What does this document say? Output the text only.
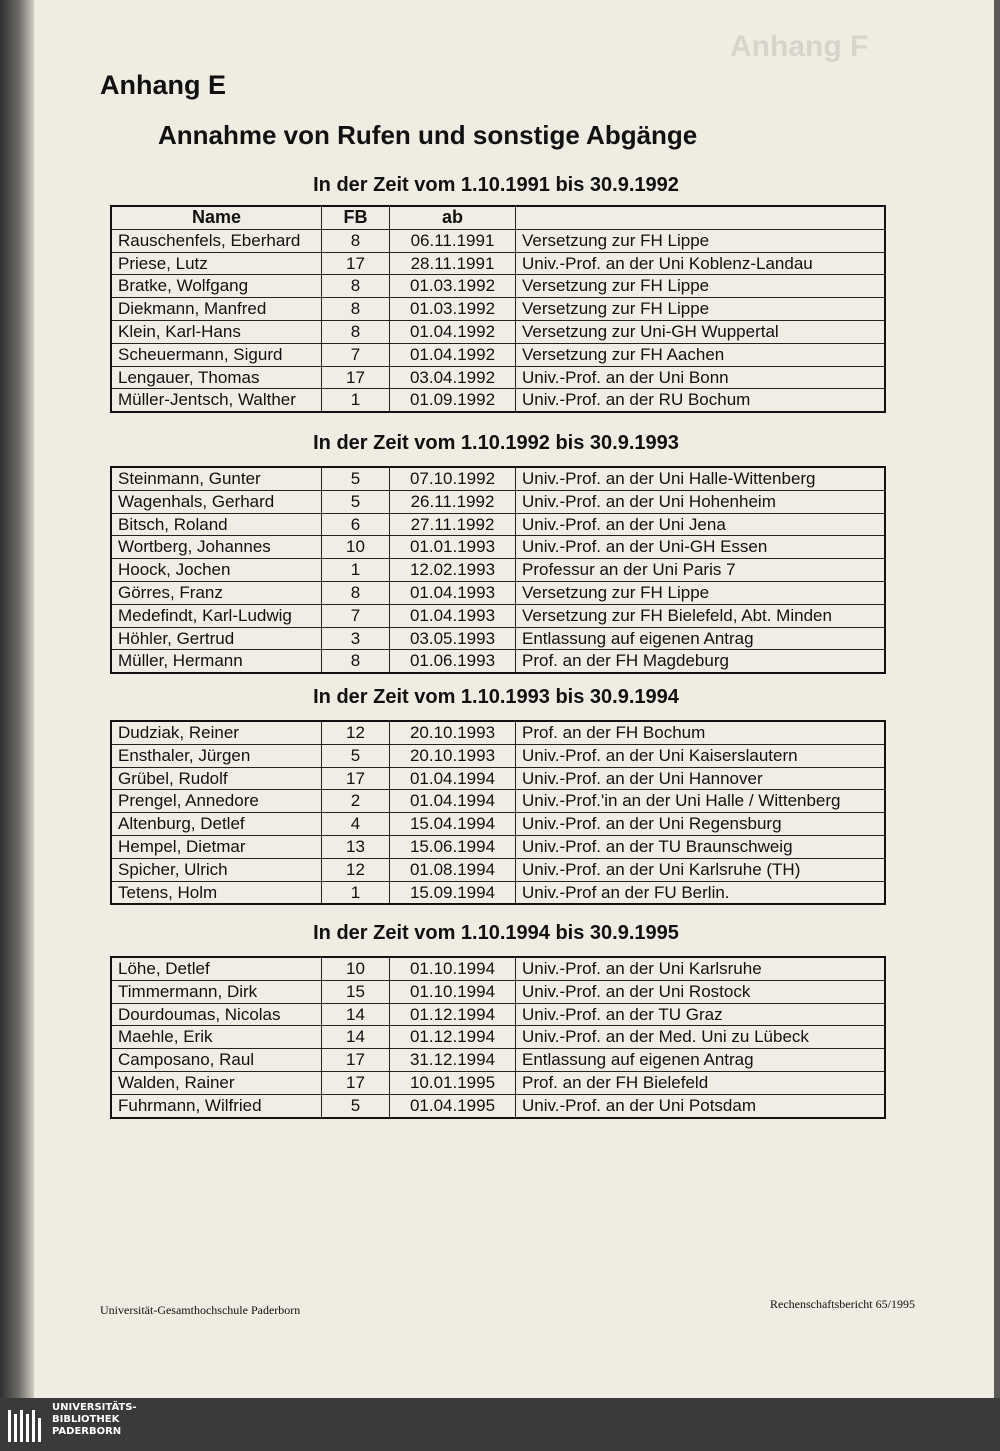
Anhang F
Anhang E
Annahme von Rufen und sonstige Abgänge

In der Zeit vom 1.10.1991 bis 30.9.1992

Name	FB	ab
Rauschenfels, Eberhard	8	06.11.1991	Versetzung zur FH Lippe
Priese, Lutz	17	28.11.1991	Univ.-Prof. an der Uni Koblenz-Landau
Bratke, Wolfgang	8	01.03.1992	Versetzung zur FH Lippe
Diekmann, Manfred	8	01.03.1992	Versetzung zur FH Lippe
Klein, Karl-Hans	8	01.04.1992	Versetzung zur Uni-GH Wuppertal
Scheuermann, Sigurd	7	01.04.1992	Versetzung zur FH Aachen
Lengauer, Thomas	17	03.04.1992	Univ.-Prof. an der Uni Bonn
Müller-Jentsch, Walther	1	01.09.1992	Univ.-Prof. an der RU Bochum

In der Zeit vom 1.10.1992 bis 30.9.1993

Steinmann, Gunter	5	07.10.1992	Univ.-Prof. an der Uni Halle-Wittenberg
Wagenhals, Gerhard	5	26.11.1992	Univ.-Prof. an der Uni Hohenheim
Bitsch, Roland	6	27.11.1992	Univ.-Prof. an der Uni Jena
Wortberg, Johannes	10	01.01.1993	Univ.-Prof. an der Uni-GH Essen
Hoock, Jochen	1	12.02.1993	Professur an der Uni Paris 7
Görres, Franz	8	01.04.1993	Versetzung zur FH Lippe
Medefindt, Karl-Ludwig	7	01.04.1993	Versetzung zur FH Bielefeld, Abt. Minden
Höhler, Gertrud	3	03.05.1993	Entlassung auf eigenen Antrag
Müller, Hermann	8	01.06.1993	Prof. an der FH Magdeburg

In der Zeit vom 1.10.1993 bis 30.9.1994

Dudziak, Reiner	12	20.10.1993	Prof. an der FH Bochum
Ensthaler, Jürgen	5	20.10.1993	Univ.-Prof. an der Uni Kaiserslautern
Grübel, Rudolf	17	01.04.1994	Univ.-Prof. an der Uni Hannover
Prengel, Annedore	2	01.04.1994	Univ.-Prof.'in an der Uni Halle / Wittenberg
Altenburg, Detlef	4	15.04.1994	Univ.-Prof. an der Uni Regensburg
Hempel, Dietmar	13	15.06.1994	Univ.-Prof. an der TU Braunschweig
Spicher, Ulrich	12	01.08.1994	Univ.-Prof. an der Uni Karlsruhe (TH)
Tetens, Holm	1	15.09.1994	Univ.-Prof an der FU Berlin.

In der Zeit vom 1.10.1994 bis 30.9.1995

Löhe, Detlef	10	01.10.1994	Univ.-Prof. an der Uni Karlsruhe
Timmermann, Dirk	15	01.10.1994	Univ.-Prof. an der Uni Rostock
Dourdoumas, Nicolas	14	01.12.1994	Univ.-Prof. an der TU Graz
Maehle, Erik	14	01.12.1994	Univ.-Prof. an der Med. Uni zu Lübeck
Camposano, Raul	17	31.12.1994	Entlassung auf eigenen Antrag
Walden, Rainer	17	10.01.1995	Prof. an der FH Bielefeld
Fuhrmann, Wilfried	5	01.04.1995	Univ.-Prof. an der Uni Potsdam
Universität-Gesamthochschule Paderborn	Rechenschaftsbericht 65/1995
UNIVERSITÄTS-
BIBLIOTHEK
PADERBORN
